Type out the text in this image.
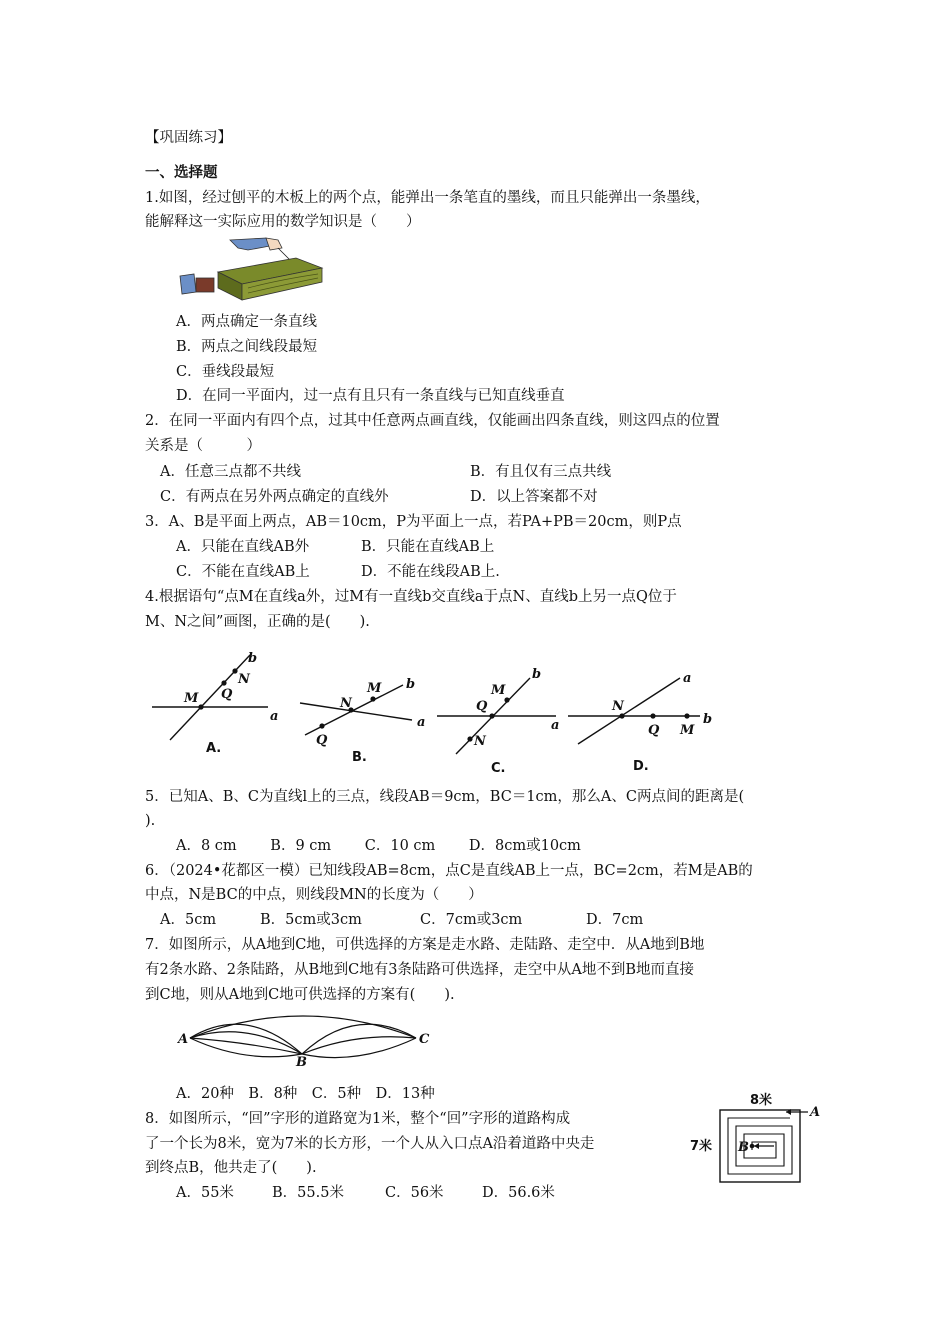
【巩固练习】
一、选择题
1.如图，经过刨平的木板上的两个点，能弹出一条笔直的墨线，而且只能弹出一条墨线，
能解释这一实际应用的数学知识是（　　）
A．两点确定一条直线
B．两点之间线段最短
C．垂线段最短
D．在同一平面内，过一点有且只有一条直线与已知直线垂直
2．在同一平面内有四个点，过其中任意两点画直线，仅能画出四条直线，则这四点的位置
关系是（　　　）
A．任意三点都不共线	B．有且仅有三点共线
C．有两点在另外两点确定的直线外	D．以上答案都不对
3．A、B是平面上两点，AB＝10cm，P为平面上一点，若PA+PB＝20cm，则P点
A．只能在直线AB外	B．只能在直线AB上
C．不能在直线AB上	D．不能在线段AB上.
4.根据语句“点M在直线a外，过M有一直线b交直线a于点N、直线b上另一点Q位于
M、N之间”画图，正确的是(　　).
M Q
N
b
a
A.
N
M
Q
b
a
B.
Q
M
N
b
a
C.
N
Q M
a
b
D.
5．已知A、B、C为直线l上的三点，线段AB＝9cm，BC＝1cm，那么A、C两点间的距离是(
).
A．8 cm　　 B．9 cm　　 C．10 cm　　 D．8cm或10cm
6．（2024•花都区一模）已知线段AB=8cm，点C是直线AB上一点，BC=2cm，若M是AB的
中点，N是BC的中点，则线段MN的长度为（　　）
A．5cm	B．5cm或3cm	C．7cm或3cm	D．7cm
7．如图所示，从A地到C地，可供选择的方案是走水路、走陆路、走空中．从A地到B地
有2条水路、2条陆路，从B地到C地有3条陆路可供选择，走空中从A地不到B地而直接
到C地，则从A地到C地可供选择的方案有(　　).
A
B
C
A．20种　B．8种　C．5种　D．13种
8．如图所示，“回”字形的道路宽为1米，整个“回”字形的道路构成
了一个长为8米，宽为7米的长方形，一个人从入口点A沿着道路中央走
到终点B，他共走了(　　).
A．55米	B．55.5米	C．56米	D．56.6米
8米
7米
A
B
